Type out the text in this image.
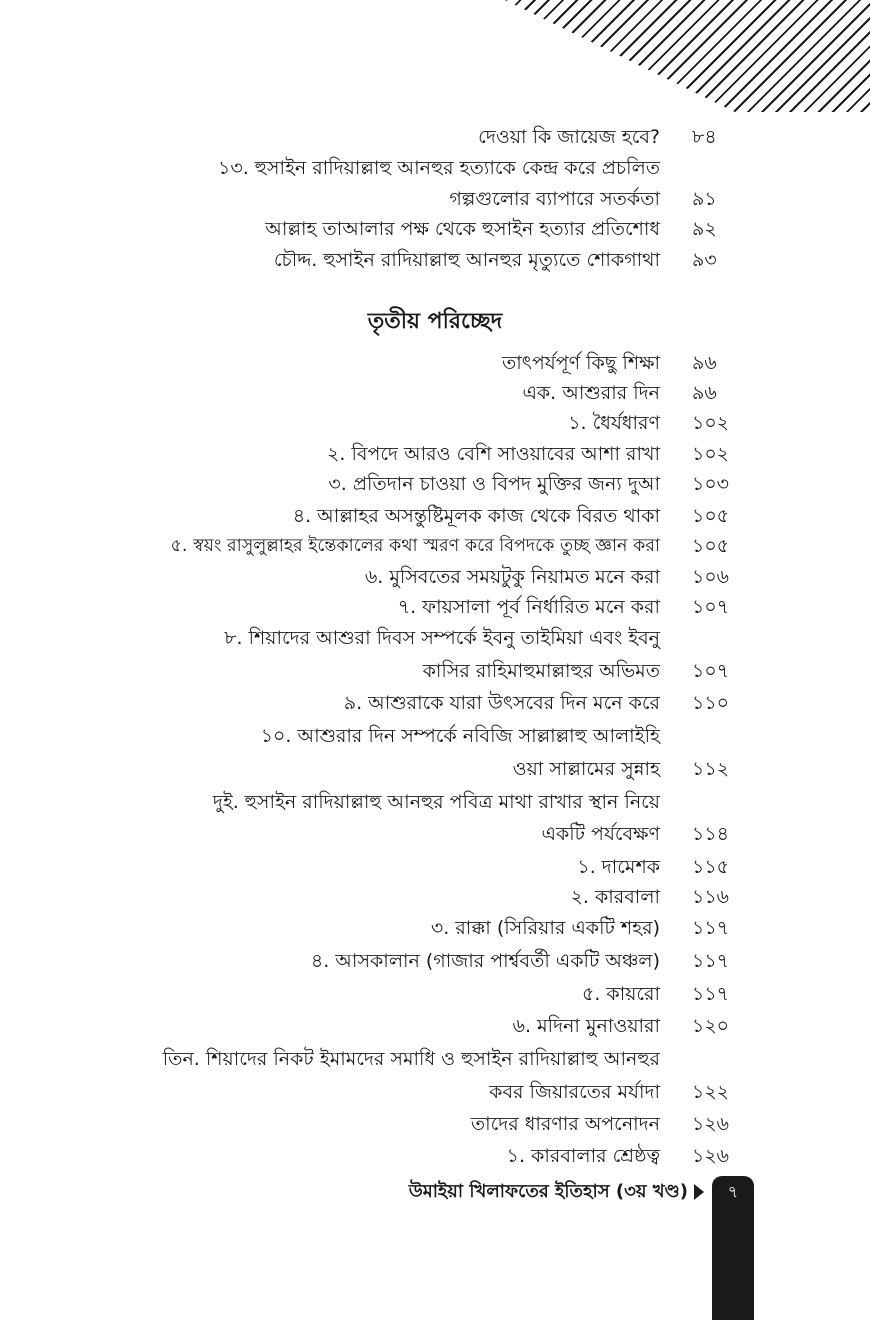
দেওয়া কি জায়েজ হবে? ৮৪
১৩. হুসাইন রাদিয়াল্লাহু আনহুর হত্যাকে কেন্দ্র করে প্রচলিত
গল্পগুলোর ব্যাপারে সতর্কতা ৯১
আল্লাহ তাআলার পক্ষ থেকে হুসাইন হত্যার প্রতিশোধ ৯২
চৌদ্দ. হুসাইন রাদিয়াল্লাহু আনহুর মৃত্যুতে শোকগাথা ৯৩
তৃতীয় পরিচ্ছেদ
তাৎপর্যপূর্ণ কিছু শিক্ষা ৯৬
এক. আশুরার দিন ৯৬
১. ধৈর্যধারণ ১০২
২. বিপদে আরও বেশি সাওয়াবের আশা রাখা ১০২
৩. প্রতিদান চাওয়া ও বিপদ মুক্তির জন্য দুআ ১০৩
৪. আল্লাহর অসন্তুষ্টিমূলক কাজ থেকে বিরত থাকা ১০৫
৫. স্বয়ং রাসুলুল্লাহর ইন্তেকালের কথা স্মরণ করে বিপদকে তুচ্ছ জ্ঞান করা ১০৫
৬. মুসিবতের সময়টুকু নিয়ামত মনে করা ১০৬
৭. ফায়সালা পূর্ব নির্ধারিত মনে করা ১০৭
৮. শিয়াদের আশুরা দিবস সম্পর্কে ইবনু তাইমিয়া এবং ইবনু
কাসির রাহিমাহুমাল্লাহুর অভিমত ১০৭
৯. আশুরাকে যারা উৎসবের দিন মনে করে ১১০
১০. আশুরার দিন সম্পর্কে নবিজি সাল্লাল্লাহু আলাইহি
ওয়া সাল্লামের সুন্নাহ ১১২
দুই. হুসাইন রাদিয়াল্লাহু আনহুর পবিত্র মাথা রাখার স্থান নিয়ে
একটি পর্যবেক্ষণ ১১৪
১. দামেশক ১১৫
২. কারবালা ১১৬
৩. রাক্কা (সিরিয়ার একটি শহর) ১১৭
৪. আসকালান (গাজার পার্শ্ববর্তী একটি অঞ্চল) ১১৭
৫. কায়রো ১১৭
৬. মদিনা মুনাওয়ারা ১২০
তিন. শিয়াদের নিকট ইমামদের সমাধি ও হুসাইন রাদিয়াল্লাহু আনহুর
কবর জিয়ারতের মর্যাদা ১২২
তাদের ধারণার অপনোদন ১২৬
১. কারবালার শ্রেষ্ঠত্ব ১২৬
উমাইয়া খিলাফতের ইতিহাস (৩য় খণ্ড)	৭
